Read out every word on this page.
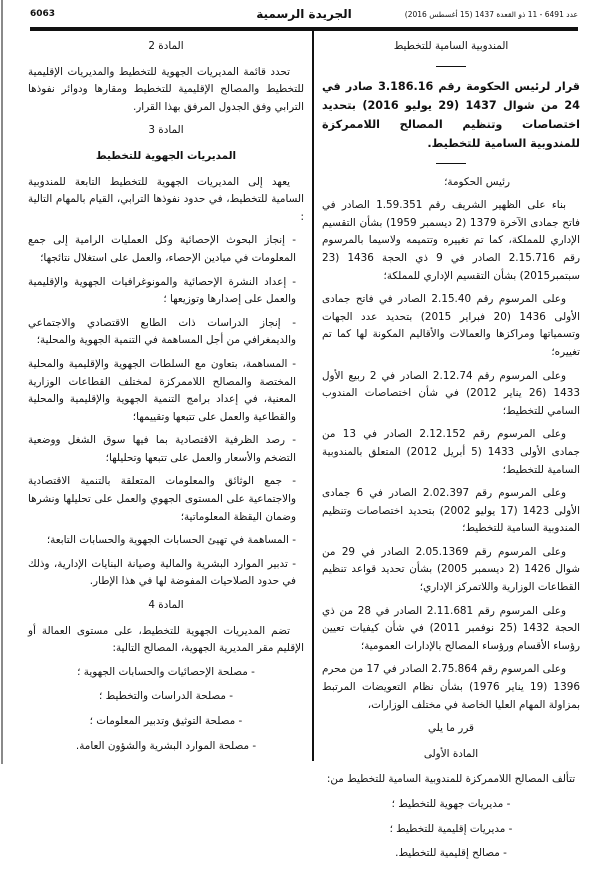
6063	الجريدة الرسمية	عدد 6491 - 11 ذو القعدة 1437 (15 أغسطس 2016)
المندوبية السامية للتخطيط
قرار لرئيس الحكومة رقم 3.186.16 صادر في 24 من شوال 1437 (29 يوليو 2016) بتحديد اختصاصات وتنظيم المصالح اللاممركزة للمندوبية السامية للتخطيط.
رئيس الحكومة؛

بناء على الظهير الشريف رقم 1.59.351 الصادر في فاتح جمادى الآخرة 1379 (2 ديسمبر 1959) بشأن التقسيم الإداري للمملكة، كما تم تغييره وتتميمه ولاسيما بالمرسوم رقم 2.15.716 الصادر في 9 ذي الحجة 1436 (23 سبتمبر2015) بشأن التقسيم الإداري للمملكة؛

وعلى المرسوم رقم 2.15.40 الصادر في فاتح جمادى الأولى 1436 (20 فبراير 2015) بتحديد عدد الجهات وتسمياتها ومراكزها والعمالات والأقاليم المكونة لها كما تم تغييره؛

وعلى المرسوم رقم 2.12.74 الصادر في 2 ربيع الأول 1433 (26 يناير 2012) في شأن اختصاصات المندوب السامي للتخطيط؛

وعلى المرسوم رقم 2.12.152 الصادر في 13 من جمادى الأولى 1433 (5 أبريل 2012) المتعلق بالمندوبية السامية للتخطيط؛

وعلى المرسوم رقم 2.02.397 الصادر في 6 جمادى الأولى 1423 (17 يوليو 2002) بتحديد اختصاصات وتنظيم المندوبية السامية للتخطيط؛

وعلى المرسوم رقم 2.05.1369 الصادر في 29 من شوال 1426 (2 ديسمبر 2005) بشأن تحديد قواعد تنظيم القطاعات الوزارية واللاتمركز الإداري؛

وعلى المرسوم رقم 2.11.681 الصادر في 28 من ذي الحجة 1432 (25 نوفمبر 2011) في شأن كيفيات تعيين رؤساء الأقسام ورؤساء المصالح بالإدارات العمومية؛

وعلى المرسوم رقم 2.75.864 الصادر في 17 من محرم 1396 (19 يناير 1976) بشأن نظام التعويضات المرتبط بمزاولة المهام العليا الخاصة في مختلف الوزارات،

قرر ما يلي
المادة الأولى
تتألف المصالح اللاممركزة للمندوبية السامية للتخطيط من:
- مديريات جهوية للتخطيط ؛
- مديريات إقليمية للتخطيط ؛
- مصالح إقليمية للتخطيط.
المادة 2

تحدد قائمة المديريات الجهوية للتخطيط والمديريات الإقليمية للتخطيط والمصالح الإقليمية للتخطيط ومقارها ودوائر نفوذها الترابي وفق الجدول المرفق بهذا القرار.

المادة 3
المديريات الجهوية للتخطيط

يعهد إلى المديريات الجهوية للتخطيط التابعة للمندوبية السامية للتخطيط، في حدود نفوذها الترابي، القيام بالمهام التالية :

- إنجاز البحوث الإحصائية وكل العمليات الرامية إلى جمع المعلومات في ميادين الإحصاء، والعمل على استغلال نتائجها؛

- إعداد النشرة الإحصائية والمونوغرافيات الجهوية والإقليمية والعمل على إصدارها وتوزيعها ؛

- إنجاز الدراسات ذات الطابع الاقتصادي والاجتماعي والديمغرافي من أجل المساهمة في التنمية الجهوية والمحلية؛

- المساهمة، بتعاون مع السلطات الجهوية والإقليمية والمحلية المختصة والمصالح اللاممركزة لمختلف القطاعات الوزارية المعنية، في إعداد برامج التنمية الجهوية والإقليمية والمحلية والقطاعية والعمل على تتبعها وتقييمها؛

- رصد الظرفية الاقتصادية بما فيها سوق الشغل ووضعية التضخم والأسعار والعمل على تتبعها وتحليلها؛

- جمع الوثائق والمعلومات المتعلقة بالتنمية الاقتصادية والاجتماعية على المستوى الجهوي والعمل على تحليلها ونشرها وضمان اليقظة المعلوماتية؛

- المساهمة في تهيئ الحسابات الجهوية والحسابات التابعة؛

- تدبير الموارد البشرية والمالية وصيانة البنايات الإدارية، وذلك في حدود الصلاحيات المفوضة لها في هذا الإطار.

المادة 4

تضم المديريات الجهوية للتخطيط، على مستوى العمالة أو الإقليم مقر المديرية الجهوية، المصالح التالية:

- مصلحة الإحصائيات والحسابات الجهوية ؛
- مصلحة الدراسات والتخطيط ؛
- مصلحة التوثيق وتدبير المعلومات ؛
- مصلحة الموارد البشرية والشؤون العامة.
